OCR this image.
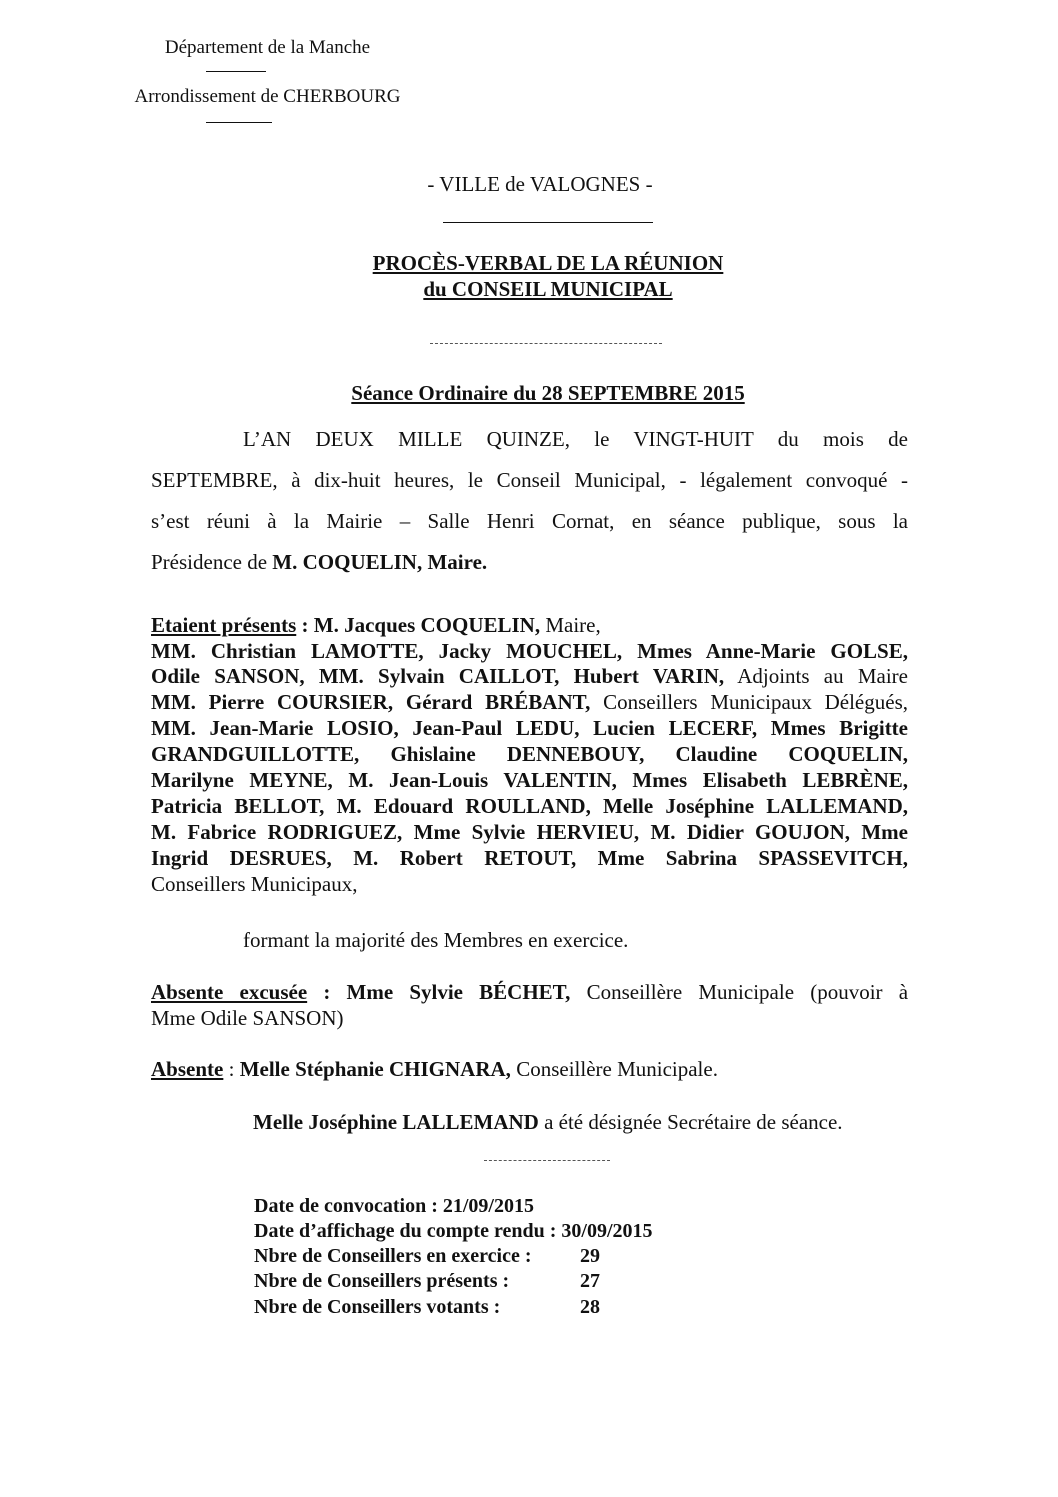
Département de la Manche
Arrondissement de CHERBOURG
- VILLE de VALOGNES -
PROCÈS-VERBAL DE LA RÉUNION
du CONSEIL MUNICIPAL
Séance Ordinaire du 28 SEPTEMBRE 2015
L’AN DEUX MILLE QUINZE, le VINGT-HUIT du mois de
SEPTEMBRE, à dix-huit heures, le Conseil Municipal, - légalement convoqué -
s’est réuni à la Mairie – Salle Henri Cornat, en séance publique, sous la
Présidence de M. COQUELIN, Maire.
Etaient présents : M. Jacques COQUELIN, Maire,
MM. Christian LAMOTTE, Jacky MOUCHEL, Mmes Anne-Marie GOLSE,
Odile SANSON, MM. Sylvain CAILLOT, Hubert VARIN, Adjoints au Maire
MM. Pierre COURSIER, Gérard BRÉBANT, Conseillers Municipaux Délégués,
MM. Jean-Marie LOSIO, Jean-Paul LEDU, Lucien LECERF, Mmes Brigitte
GRANDGUILLOTTE, Ghislaine DENNEBOUY, Claudine COQUELIN,
Marilyne MEYNE, M. Jean-Louis VALENTIN, Mmes Elisabeth LEBRÈNE,
Patricia BELLOT, M. Edouard ROULLAND, Melle Joséphine LALLEMAND,
M. Fabrice RODRIGUEZ, Mme Sylvie HERVIEU, M. Didier GOUJON, Mme
Ingrid DESRUES, M. Robert RETOUT, Mme Sabrina SPASSEVITCH,
Conseillers Municipaux,
formant la majorité des Membres en exercice.
Absente excusée : Mme Sylvie BÉCHET, Conseillère Municipale (pouvoir à
Mme Odile SANSON)
Absente : Melle Stéphanie CHIGNARA, Conseillère Municipale.
Melle Joséphine LALLEMAND a été désignée Secrétaire de séance.
Date de convocation : 21/09/2015
Date d’affichage du compte rendu : 30/09/2015
Nbre de Conseillers en exercice : 29
Nbre de Conseillers présents :	27
Nbre de Conseillers votants :	28
